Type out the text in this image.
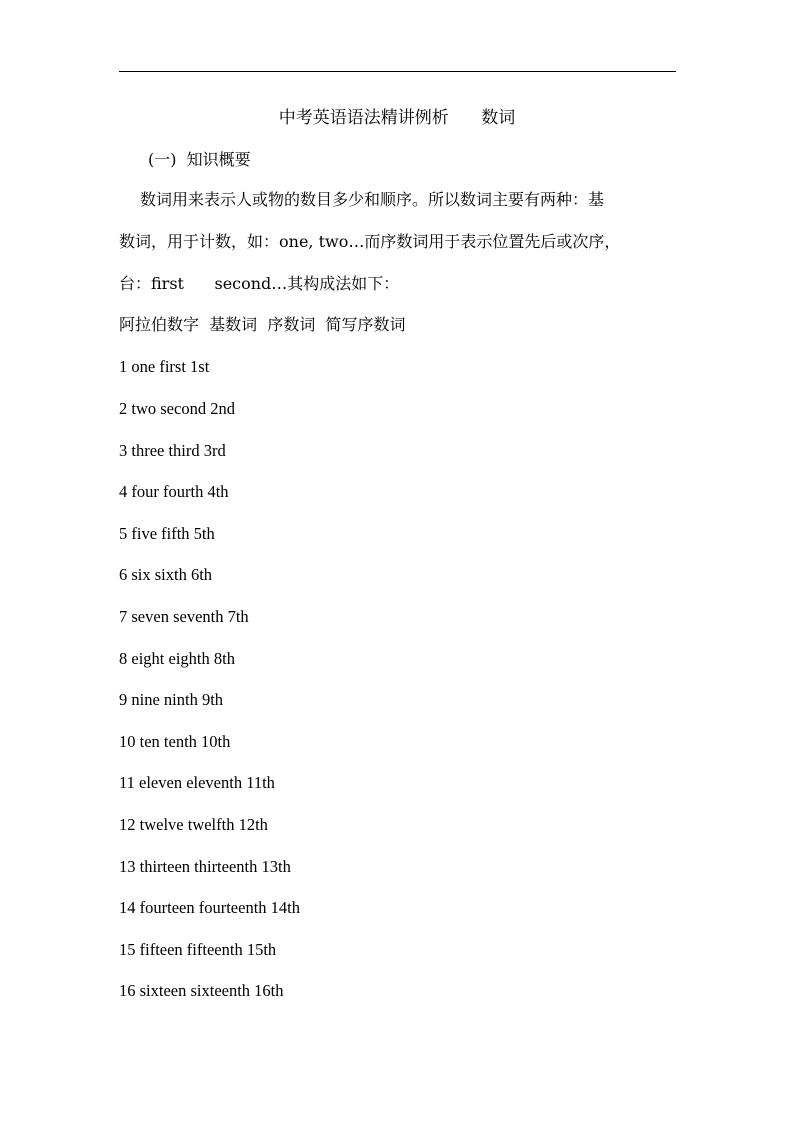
中考英语语法精讲例析      数词
(一)  知识概要
数词用来表示人或物的数目多少和顺序。所以数词主要有两种：基
数词，用于计数，如：one, two…而序数词用于表示位置先后或次序，
台：first      second…其构成法如下：
阿拉伯数字  基数词  序数词  简写序数词
1 one first 1st
2 two second 2nd
3 three third 3rd
4 four fourth 4th
5 five fifth 5th
6 six sixth 6th
7 seven seventh 7th
8 eight eighth 8th
9 nine ninth 9th
10 ten tenth 10th
11 eleven eleventh 11th
12 twelve twelfth 12th
13 thirteen thirteenth 13th
14 fourteen fourteenth 14th
15 fifteen fifteenth 15th
16 sixteen sixteenth 16th
